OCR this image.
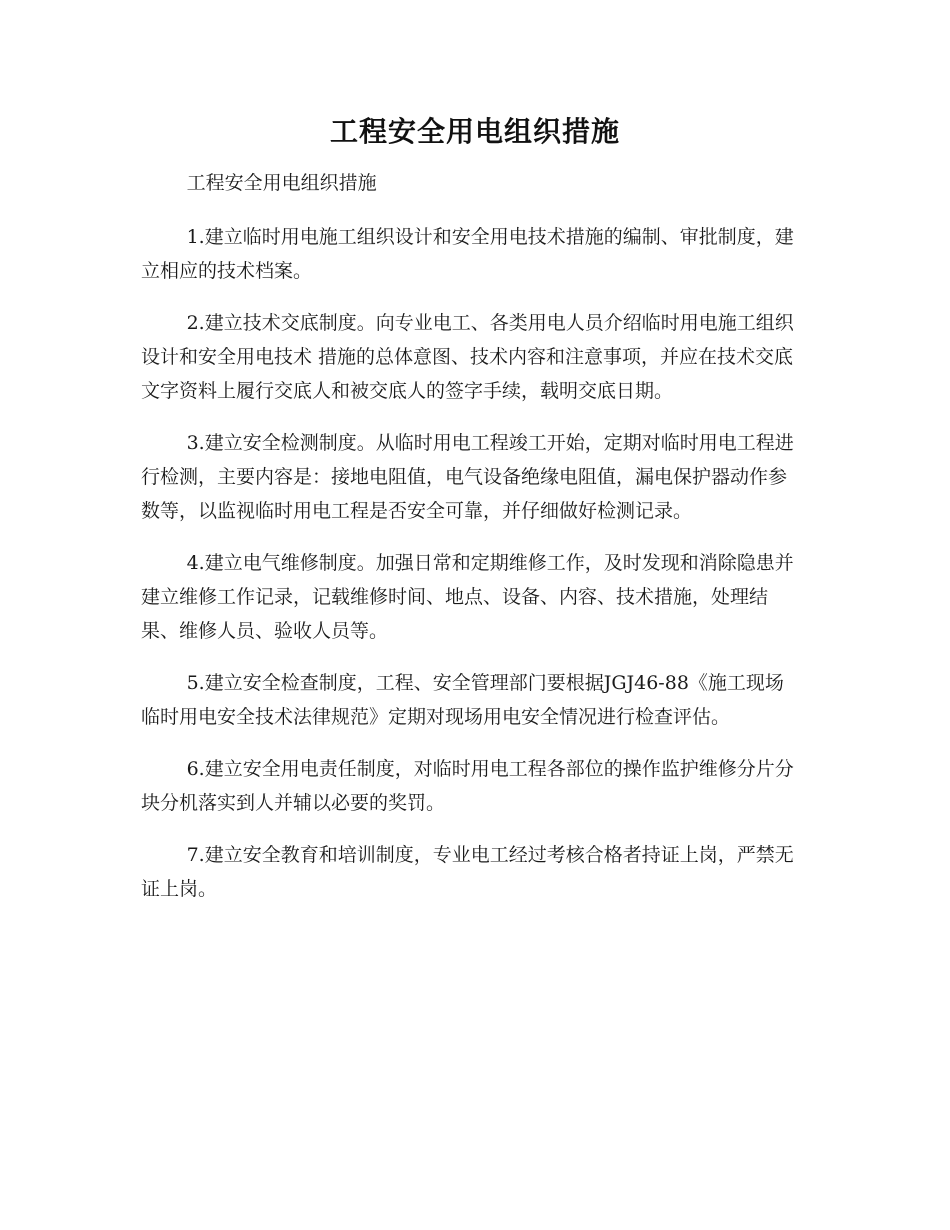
工程安全用电组织措施

工程安全用电组织措施

1.建立临时用电施工组织设计和安全用电技术措施的编制、审批制度，建立相应的技术档案。

2.建立技术交底制度。向专业电工、各类用电人员介绍临时用电施工组织设计和安全用电技术 措施的总体意图、技术内容和注意事项，并应在技术交底文字资料上履行交底人和被交底人的签字手续，载明交底日期。

3.建立安全检测制度。从临时用电工程竣工开始，定期对临时用电工程进行检测，主要内容是：接地电阻值，电气设备绝缘电阻值，漏电保护器动作参数等，以监视临时用电工程是否安全可靠，并仔细做好检测记录。

4.建立电气维修制度。加强日常和定期维修工作，及时发现和消除隐患并建立维修工作记录，记载维修时间、地点、设备、内容、技术措施，处理结果、维修人员、验收人员等。

5.建立安全检查制度，工程、安全管理部门要根据JGJ46-88《施工现场临时用电安全技术法律规范》定期对现场用电安全情况进行检查评估。

6.建立安全用电责任制度，对临时用电工程各部位的操作监护维修分片分块分机落实到人并辅以必要的奖罚。

7.建立安全教育和培训制度，专业电工经过考核合格者持证上岗，严禁无证上岗。
